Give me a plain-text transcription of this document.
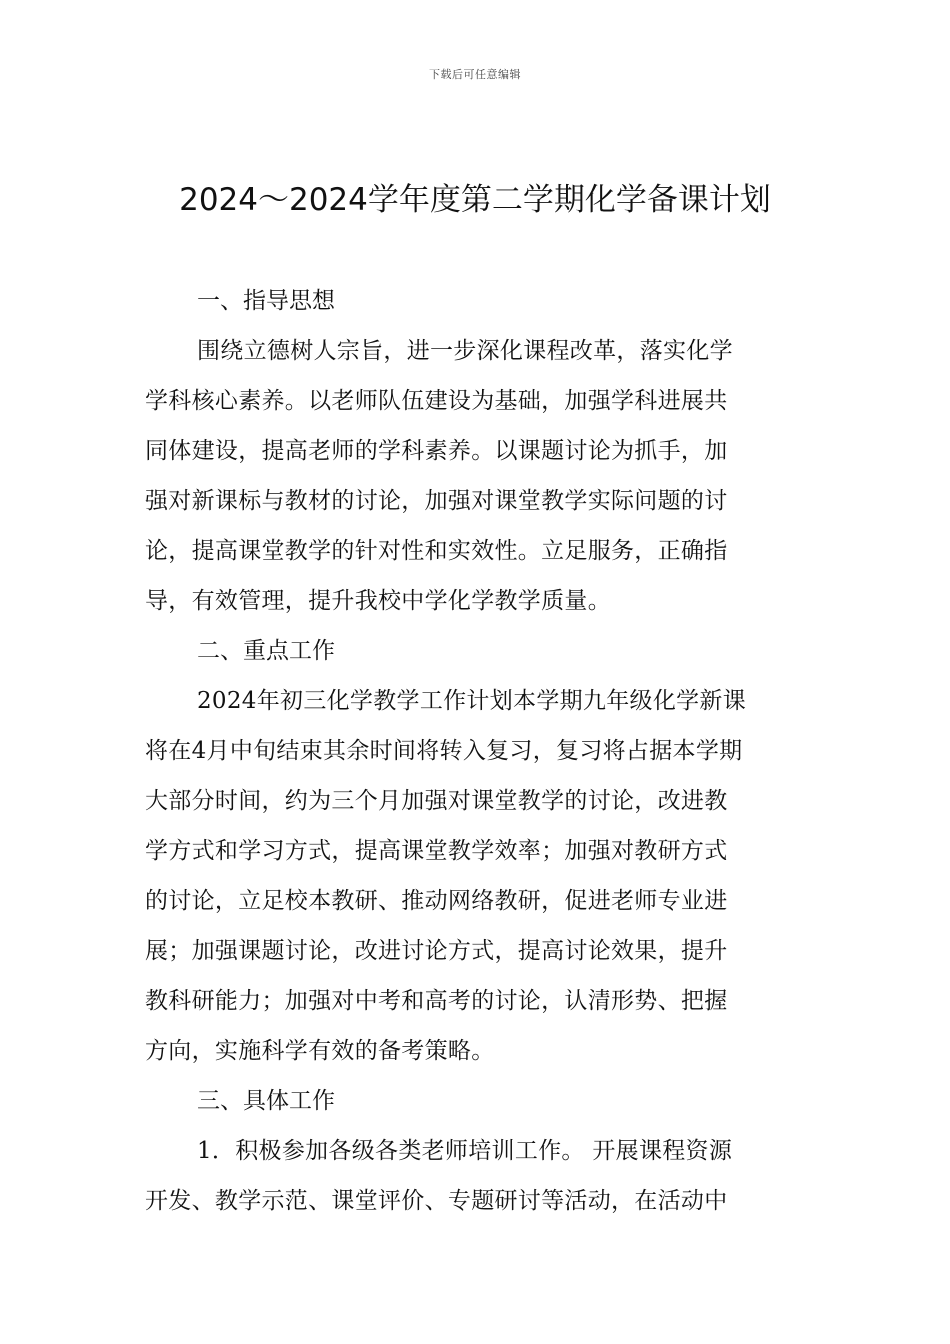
下载后可任意编辑
2024～2024学年度第二学期化学备课计划
一、指导思想
围绕立德树人宗旨，进一步深化课程改革，落实化学
学科核心素养。以老师队伍建设为基础，加强学科进展共
同体建设，提高老师的学科素养。以课题讨论为抓手，加
强对新课标与教材的讨论，加强对课堂教学实际问题的讨
论，提高课堂教学的针对性和实效性。立足服务，正确指
导，有效管理，提升我校中学化学教学质量。
二、重点工作
2024年初三化学教学工作计划本学期九年级化学新课
将在4月中旬结束其余时间将转入复习，复习将占据本学期
大部分时间，约为三个月加强对课堂教学的讨论，改进教
学方式和学习方式，提高课堂教学效率；加强对教研方式
的讨论，立足校本教研、推动网络教研，促进老师专业进
展；加强课题讨论，改进讨论方式，提高讨论效果，提升
教科研能力；加强对中考和高考的讨论，认清形势、把握
方向，实施科学有效的备考策略。
三、具体工作
1．积极参加各级各类老师培训工作。 开展课程资源
开发、教学示范、课堂评价、专题研讨等活动，在活动中
